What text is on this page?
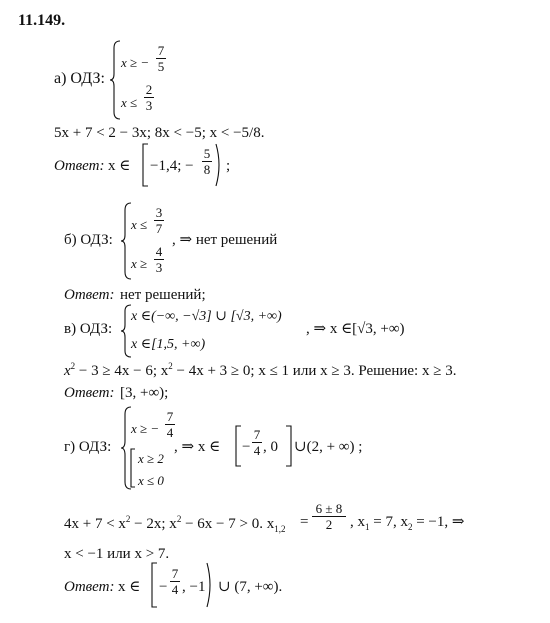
11.149.
а) ОДЗ:
x ≥ −
7
5
x ≤
2
3
5x + 7 < 2 − 3x; 8x < −5; x < −5/8.
Ответ: x ∈ −1,4; −
5
8 ;
б) ОДЗ:
x ≤
3
7
x ≥
4
3
, ⇒ нет решений
Ответ: нет решений;
в) ОДЗ:
x ∈(−∞, −√3] ∪ [√3, +∞)
x ∈[1,5, +∞)
, ⇒ x ∈[√3, +∞)
$x^2 - 3 \ge 4x - 6$; $x^2 - 4x + 3 \ge 0$; x ≤ 1 или x ≥ 3. Решение: x ≥ 3.
Ответ: [3, +∞);
г) ОДЗ:
x ≥ −
7
4
x ≥ 2
x ≤ 0
, ⇒ x ∈ −
7
4 , 0 ∪(2, + ∞) ;
$4x + 7 < x^2 - 2x$; $x^2 - 6x - 7 > 0$. $x_{1,2}$ =
6 ± 8
2	, $x_1 = 7$, $x_2 = -1$, ⇒
x < −1 или x > 7.
Ответ: x ∈ −
7
4 , −1 ∪ (7, +∞).
